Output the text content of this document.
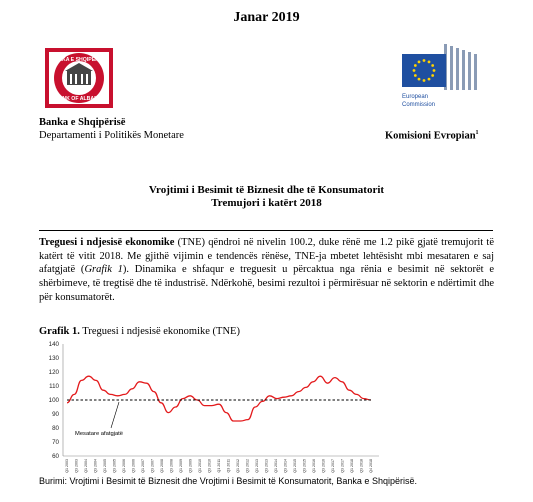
Janar 2019
BANKA E SHQIPERISE
BANK OF ALBANIA	European
Commission
Banka e Shqipërisë
Departamenti i Politikës Monetare	Komisioni Evropian$^1$
Vrojtimi i Besimit të Biznesit dhe të Konsumatorit
Tremujori i katërt 2018
Treguesi i ndjesisë ekonomike (TNE) qëndroi në nivelin 100.2, duke rënë me 1.2 pikë gjatë tremujorit të katërt të vitit 2018. Me gjithë vijimin e tendencës rënëse, TNE-ja mbetet lehtësisht mbi mesataren e saj afatgjatë (Grafik 1). Dinamika e shfaqur e treguesit u përcaktua nga rënia e besimit në sektorët e shërbimeve, të tregtisë dhe të industrisë. Ndërkohë, besimi rezultoi i përmirësuar në sektorin e ndërtimit dhe për konsumatorët.
Grafik 1. Treguesi i ndjesisë ekonomike (TNE)
140
130
120
110
100
90
80
70
60
Q1 2003 Q3 2003 Q1 2004 Q3 2004 Q1 2005 Q3 2005 Q1 2006 Q3 2006 Q1 2007 Q3 2007 Q1 2008 Q3 2008 Q1 2009 Q3 2009 Q1 2010 Q3 2010 Q1 2011 Q3 2011 Q1 2012 Q3 2012 Q1 2013 Q3 2013 Q1 2014 Q3 2014 Q1 2015 Q3 2015 Q1 2016 Q3 2016 Q1 2017 Q3 2017 Q1 2018 Q3 2018 Q4 2018
Mesatare afatgjatë
Burimi: Vrojtimi i Besimit të Biznesit dhe Vrojtimi i Besimit të Konsumatorit, Banka e Shqipërisë.
